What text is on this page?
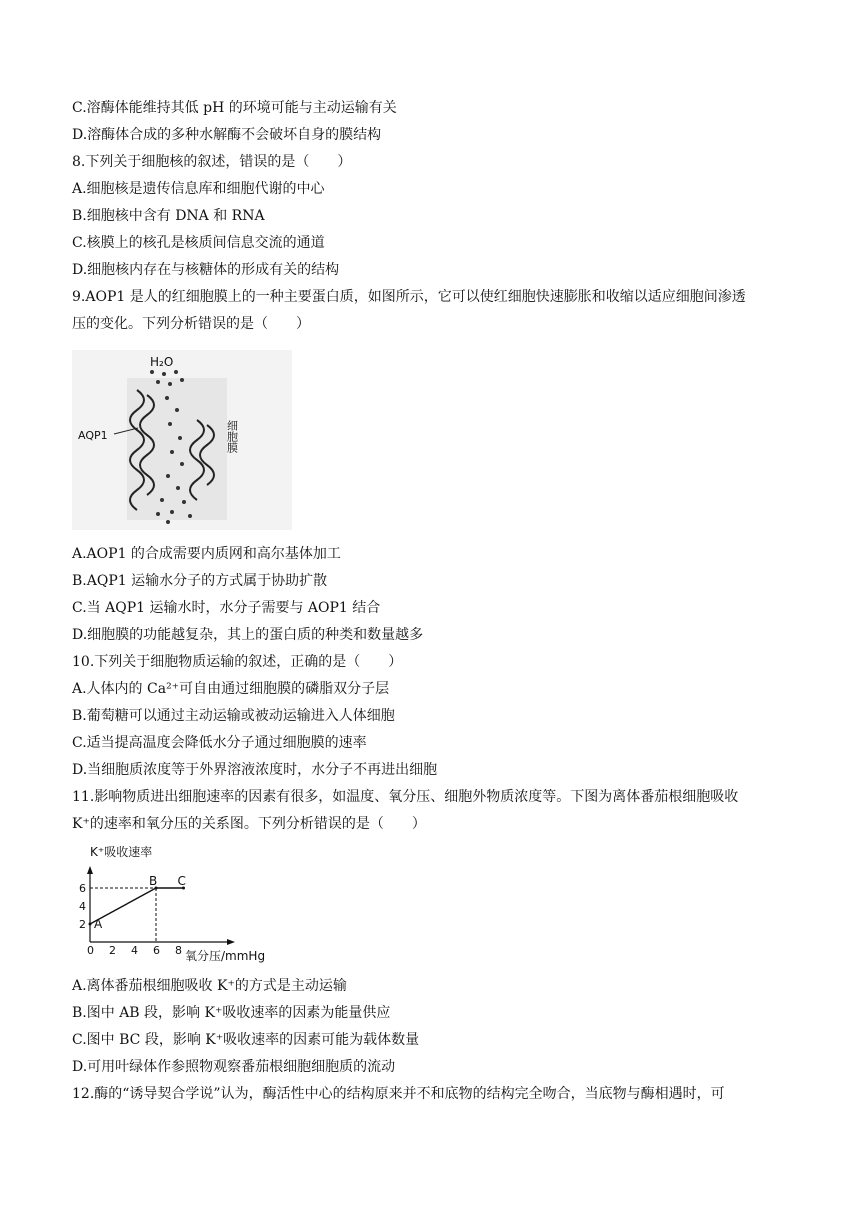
C.溶酶体能维持其低 pH 的环境可能与主动运输有关
D.溶酶体合成的多种水解酶不会破坏自身的膜结构
8.下列关于细胞核的叙述，错误的是（　　）
A.细胞核是遗传信息库和细胞代谢的中心
B.细胞核中含有 DNA 和 RNA
C.核膜上的核孔是核质间信息交流的通道
D.细胞核内存在与核糖体的形成有关的结构
9.AOP1 是人的红细胞膜上的一种主要蛋白质，如图所示，它可以使红细胞快速膨胀和收缩以适应细胞间渗透
压的变化。下列分析错误的是（　　）
H₂O
AQP1	细胞膜
A.AOP1 的合成需要内质网和高尔基体加工
B.AQP1 运输水分子的方式属于协助扩散
C.当 AQP1 运输水时，水分子需要与 AOP1 结合
D.细胞膜的功能越复杂，其上的蛋白质的种类和数量越多
10.下列关于细胞物质运输的叙述，正确的是（　　）
A.人体内的 Ca²⁺可自由通过细胞膜的磷脂双分子层
B.葡萄糖可以通过主动运输或被动运输进入人体细胞
C.适当提高温度会降低水分子通过细胞膜的速率
D.当细胞质浓度等于外界溶液浓度时，水分子不再进出细胞
11.影响物质进出细胞速率的因素有很多，如温度、氧分压、细胞外物质浓度等。下图为离体番茄根细胞吸收
K⁺的速率和氧分压的关系图。下列分析错误的是（　　）
K⁺吸收速率
氧分压/mmHg
0 2 4 6 8
2
4
6
A
B C
A.离体番茄根细胞吸收 K⁺的方式是主动运输
B.图中 AB 段，影响 K⁺吸收速率的因素为能量供应
C.图中 BC 段，影响 K⁺吸收速率的因素可能为载体数量
D.可用叶绿体作参照物观察番茄根细胞细胞质的流动
12.酶的“诱导契合学说”认为，酶活性中心的结构原来并不和底物的结构完全吻合，当底物与酶相遇时，可
